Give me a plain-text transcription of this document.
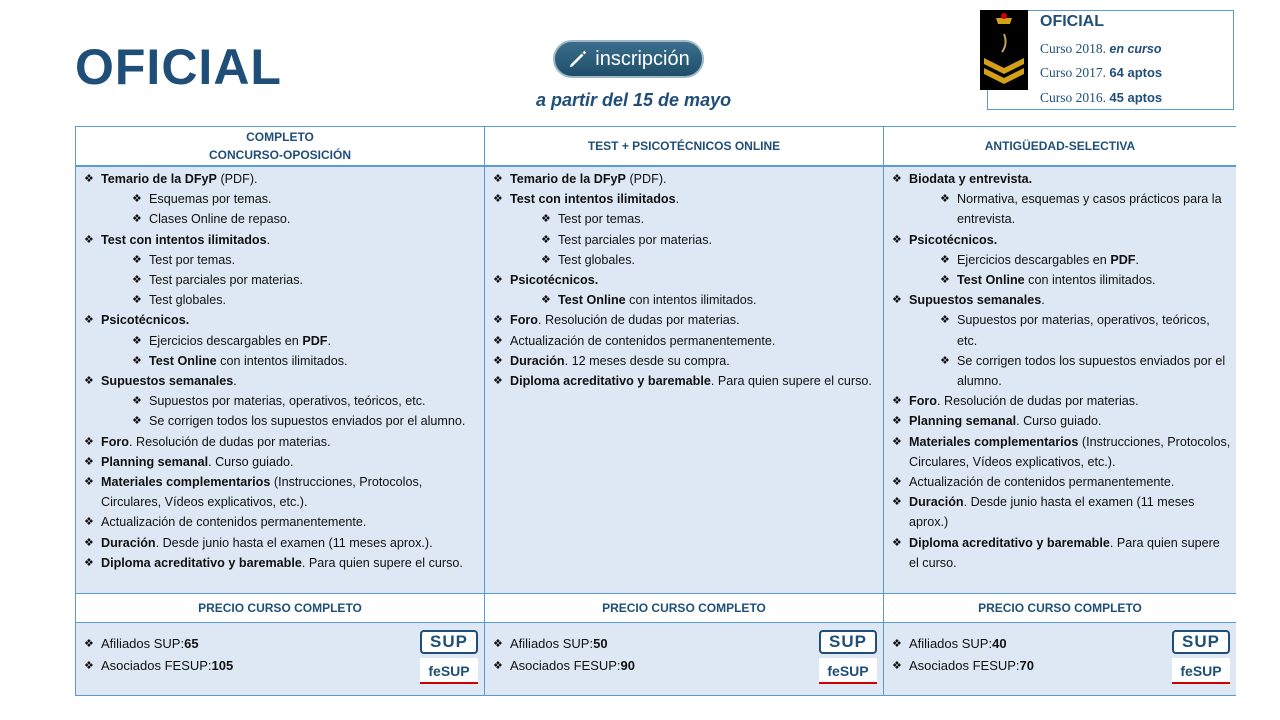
OFICIAL	inscripción
a partir del 15 de mayo
OFICIAL
Curso 2018. en curso
Curso 2017. 64 aptos
Curso 2016. 45 aptos
COMPLETO
CONCURSO-OPOSICIÓN
❖ Temario de la DFyP (PDF).
❖ Esquemas por temas.
❖ Clases Online de repaso.
❖ Test con intentos ilimitados.
❖ Test por temas.
❖ Test parciales por materias.
❖ Test globales.
❖ Psicotécnicos.
❖ Ejercicios descargables en PDF.
❖ Test Online con intentos ilimitados.
❖ Supuestos semanales.
❖ Supuestos por materias, operativos, teóricos, etc.
❖ Se corrigen todos los supuestos enviados por el alumno.
❖ Foro. Resolución de dudas por materias.
❖ Planning semanal. Curso guiado.
❖ Materiales complementarios (Instrucciones, Protocolos, Circulares, Vídeos explicativos, etc.).
❖ Actualización de contenidos permanentemente.
❖ Duración. Desde junio hasta el examen (11 meses aprox.).
❖ Diploma acreditativo y baremable. Para quien supere el curso.
PRECIO CURSO COMPLETO
❖ Afiliados SUP: 65
❖ Asociados FESUP: 105
SUP
feSUP
TEST + PSICOTÉCNICOS ONLINE
❖ Temario de la DFyP (PDF).
❖ Test con intentos ilimitados.
❖ Test por temas.
❖ Test parciales por materias.
❖ Test globales.
❖ Psicotécnicos.
❖ Test Online con intentos ilimitados.
❖ Foro. Resolución de dudas por materias.
❖ Actualización de contenidos permanentemente.
❖ Duración. 12 meses desde su compra.
❖ Diploma acreditativo y baremable. Para quien supere el curso.
PRECIO CURSO COMPLETO
❖ Afiliados SUP: 50
❖ Asociados FESUP: 90
SUP
feSUP
ANTIGÜEDAD-SELECTIVA
❖ Biodata y entrevista.
❖ Normativa, esquemas y casos prácticos para la entrevista.
❖ Psicotécnicos.
❖ Ejercicios descargables en PDF.
❖ Test Online con intentos ilimitados.
❖ Supuestos semanales.
❖ Supuestos por materias, operativos, teóricos, etc.
❖ Se corrigen todos los supuestos enviados por el alumno.
❖ Foro. Resolución de dudas por materias.
❖ Planning semanal. Curso guiado.
❖ Materiales complementarios (Instrucciones, Protocolos, Circulares, Vídeos explicativos, etc.).
❖ Actualización de contenidos permanentemente.
❖ Duración. Desde junio hasta el examen (11 meses aprox.)
❖ Diploma acreditativo y baremable. Para quien supere el curso.
PRECIO CURSO COMPLETO
❖ Afiliados SUP: 40
❖ Asociados FESUP: 70
SUP
feSUP
